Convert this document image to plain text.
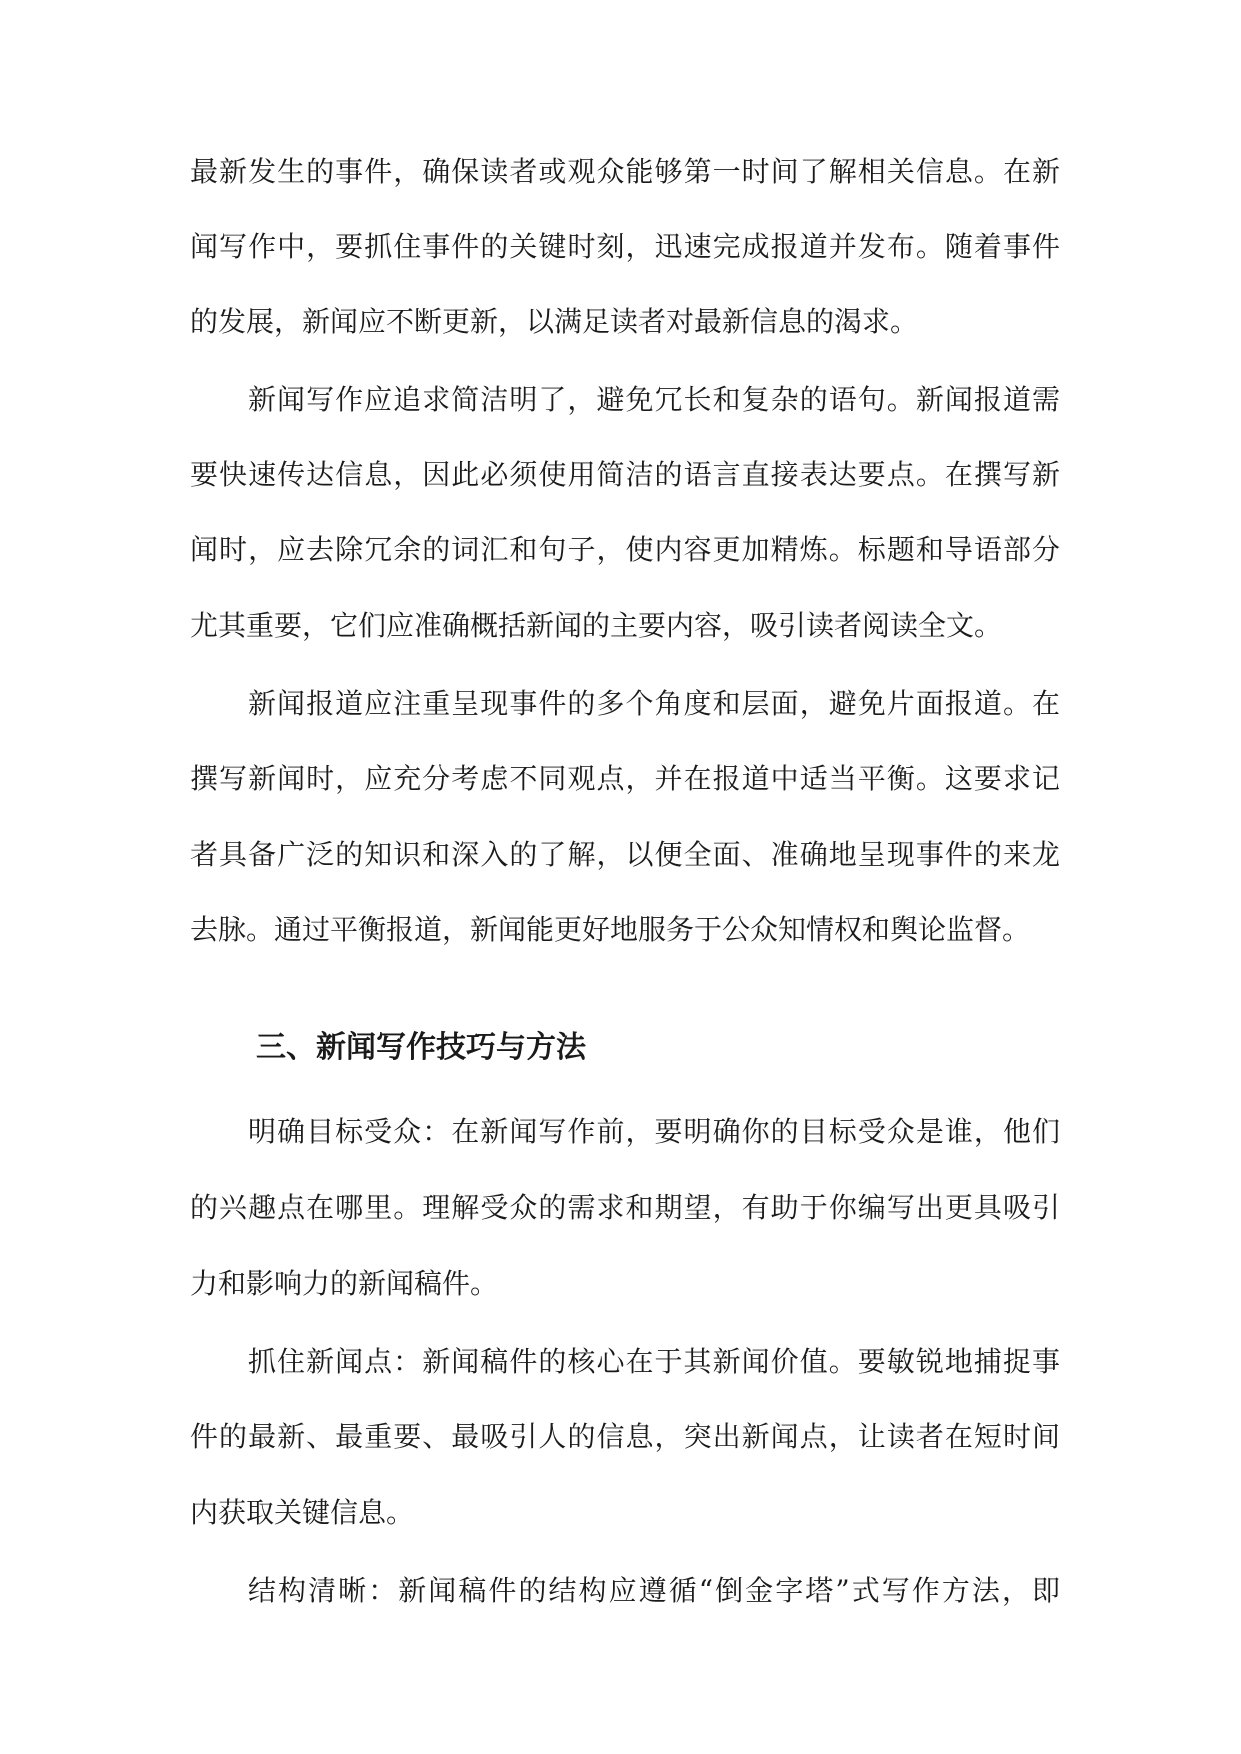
最新发生的事件，确保读者或观众能够第一时间了解相关信息。在新
闻写作中，要抓住事件的关键时刻，迅速完成报道并发布。随着事件
的发展，新闻应不断更新，以满足读者对最新信息的渴求。
新闻写作应追求简洁明了，避免冗长和复杂的语句。新闻报道需
要快速传达信息，因此必须使用简洁的语言直接表达要点。在撰写新
闻时，应去除冗余的词汇和句子，使内容更加精炼。标题和导语部分
尤其重要，它们应准确概括新闻的主要内容，吸引读者阅读全文。
新闻报道应注重呈现事件的多个角度和层面，避免片面报道。在
撰写新闻时，应充分考虑不同观点，并在报道中适当平衡。这要求记
者具备广泛的知识和深入的了解，以便全面、准确地呈现事件的来龙
去脉。通过平衡报道，新闻能更好地服务于公众知情权和舆论监督。
三、新闻写作技巧与方法
明确目标受众：在新闻写作前，要明确你的目标受众是谁，他们
的兴趣点在哪里。理解受众的需求和期望，有助于你编写出更具吸引
力和影响力的新闻稿件。
抓住新闻点：新闻稿件的核心在于其新闻价值。要敏锐地捕捉事
件的最新、最重要、最吸引人的信息，突出新闻点，让读者在短时间
内获取关键信息。
结构清晰：新闻稿件的结构应遵循“倒金字塔”式写作方法，即
